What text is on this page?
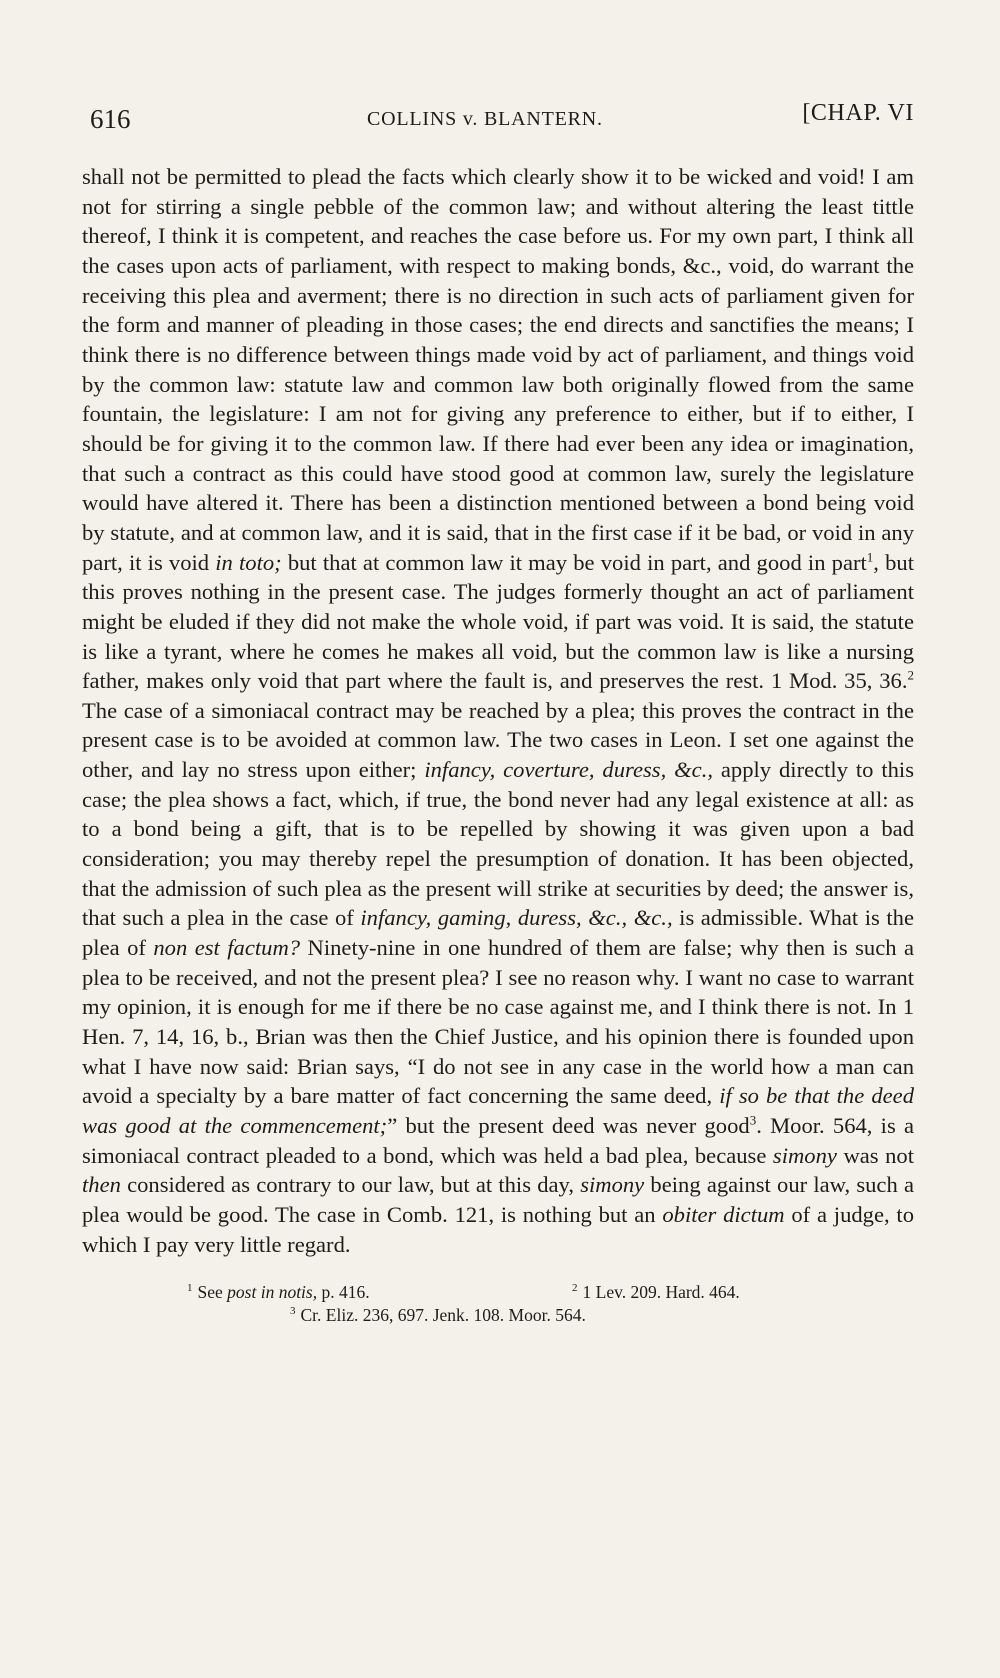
616	COLLINS v. BLANTERN.	[CHAP. VI
shall not be permitted to plead the facts which clearly show it to be wicked and void! I am not for stirring a single pebble of the common law; and without altering the least tittle thereof, I think it is competent, and reaches the case before us. For my own part, I think all the cases upon acts of parliament, with respect to making bonds, &c., void, do warrant the receiving this plea and averment; there is no direction in such acts of parliament given for the form and manner of pleading in those cases; the end directs and sanctifies the means; I think there is no difference between things made void by act of parliament, and things void by the common law: statute law and common law both originally flowed from the same fountain, the legislature: I am not for giving any preference to either, but if to either, I should be for giving it to the common law. If there had ever been any idea or imagination, that such a contract as this could have stood good at common law, surely the legislature would have altered it. There has been a distinction mentioned between a bond being void by statute, and at common law, and it is said, that in the first case if it be bad, or void in any part, it is void in toto; but that at common law it may be void in part, and good in part$^1$, but this proves nothing in the present case. The judges formerly thought an act of parliament might be eluded if they did not make the whole void, if part was void. It is said, the statute is like a tyrant, where he comes he makes all void, but the common law is like a nursing father, makes only void that part where the fault is, and preserves the rest. 1 Mod. 35, 36.$^2$ The case of a simoniacal contract may be reached by a plea; this proves the contract in the present case is to be avoided at common law. The two cases in Leon. I set one against the other, and lay no stress upon either; infancy, coverture, duress, &c., apply directly to this case; the plea shows a fact, which, if true, the bond never had any legal existence at all: as to a bond being a gift, that is to be repelled by showing it was given upon a bad consideration; you may thereby repel the presumption of donation. It has been objected, that the admission of such plea as the present will strike at securities by deed; the answer is, that such a plea in the case of infancy, gaming, duress, &c., &c., is admissible. What is the plea of non est factum? Ninety-nine in one hundred of them are false; why then is such a plea to be received, and not the present plea? I see no reason why. I want no case to warrant my opinion, it is enough for me if there be no case against me, and I think there is not. In 1 Hen. 7, 14, 16, b., Brian was then the Chief Justice, and his opinion there is founded upon what I have now said: Brian says, “I do not see in any case in the world how a man can avoid a specialty by a bare matter of fact concerning the same deed, if so be that the deed was good at the commencement;” but the present deed was never good$^3$. Moor. 564, is a simoniacal contract pleaded to a bond, which was held a bad plea, because simony was not then considered as contrary to our law, but at this day, simony being against our law, such a plea would be good. The case in Comb. 121, is nothing but an obiter dictum of a judge, to which I pay very little regard.
$^1$ See post in notis, p. 416.	$^2$ 1 Lev. 209. Hard. 464.
$^3$ Cr. Eliz. 236, 697. Jenk. 108. Moor. 564.
